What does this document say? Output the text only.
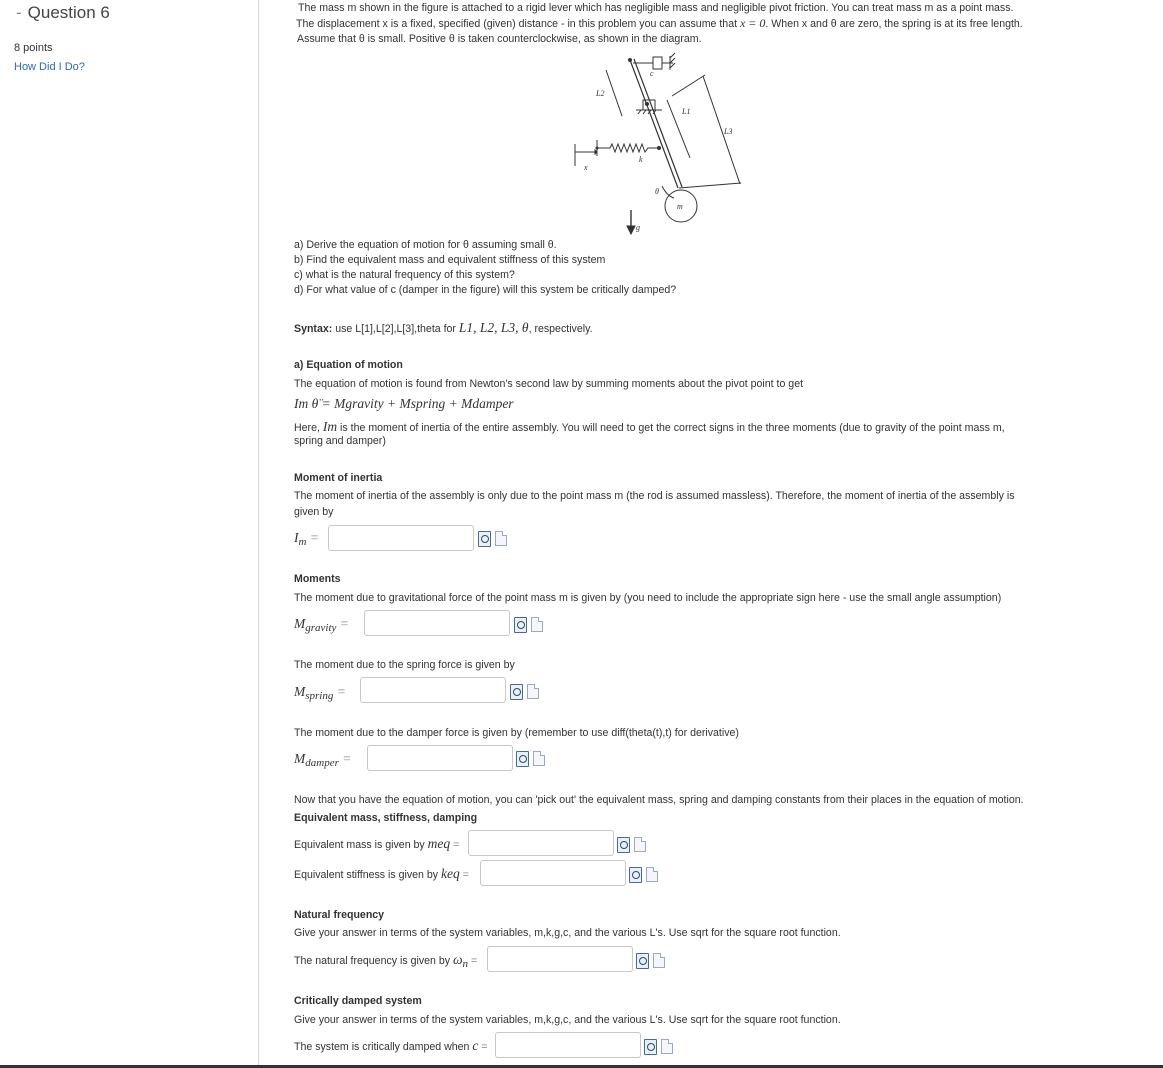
- Question 6
8 points
How Did I Do?
The mass m shown in the figure is attached to a rigid lever which has negligible mass and negligible pivot friction. You can treat mass m as a point mass.
The displacement x is a fixed, specified (given) distance - in this problem you can assume that x = 0. When x and θ are zero, the spring is at its free length.
Assume that θ is small. Positive θ is taken counterclockwise, as shown in the diagram.
L2
L1
L3
c
k
x
θ
m
g
a) Derive the equation of motion for θ assuming small θ.
b) Find the equivalent mass and equivalent stiffness of this system
c) what is the natural frequency of this system?
d) For what value of c (damper in the figure) will this system be critically damped?
Syntax: use L[1],L[2],L[3],theta for L1, L2, L3, θ, respectively.
a) Equation of motion
The equation of motion is found from Newton's second law by summing moments about the pivot point to get
Im θ̈ = Mgravity + Mspring + Mdamper
Here, Im is the moment of inertia of the entire assembly. You will need to get the correct signs in the three moments (due to gravity of the point mass m,
spring and damper)
Moment of inertia
The moment of inertia of the assembly is only due to the point mass m (the rod is assumed massless). Therefore, the moment of inertia of the assembly is
given by
$I_m$ =
Moments
The moment due to gravitational force of the point mass m is given by (you need to include the appropriate sign here - use the small angle assumption)
$M_{gravity}$ =
The moment due to the spring force is given by
$M_{spring}$ =
The moment due to the damper force is given by (remember to use diff(theta(t),t) for derivative)
$M_{damper}$ =
Now that you have the equation of motion, you can 'pick out' the equivalent mass, spring and damping constants from their places in the equation of motion.
Equivalent mass, stiffness, damping
Equivalent mass is given by meq =
Equivalent stiffness is given by keq =
Natural frequency
Give your answer in terms of the system variables, m,k,g,c, and the various L's. Use sqrt for the square root function.
The natural frequency is given by $\omega_n$ =
Critically damped system
Give your answer in terms of the system variables, m,k,g,c, and the various L's. Use sqrt for the square root function.
The system is critically damped when c =
